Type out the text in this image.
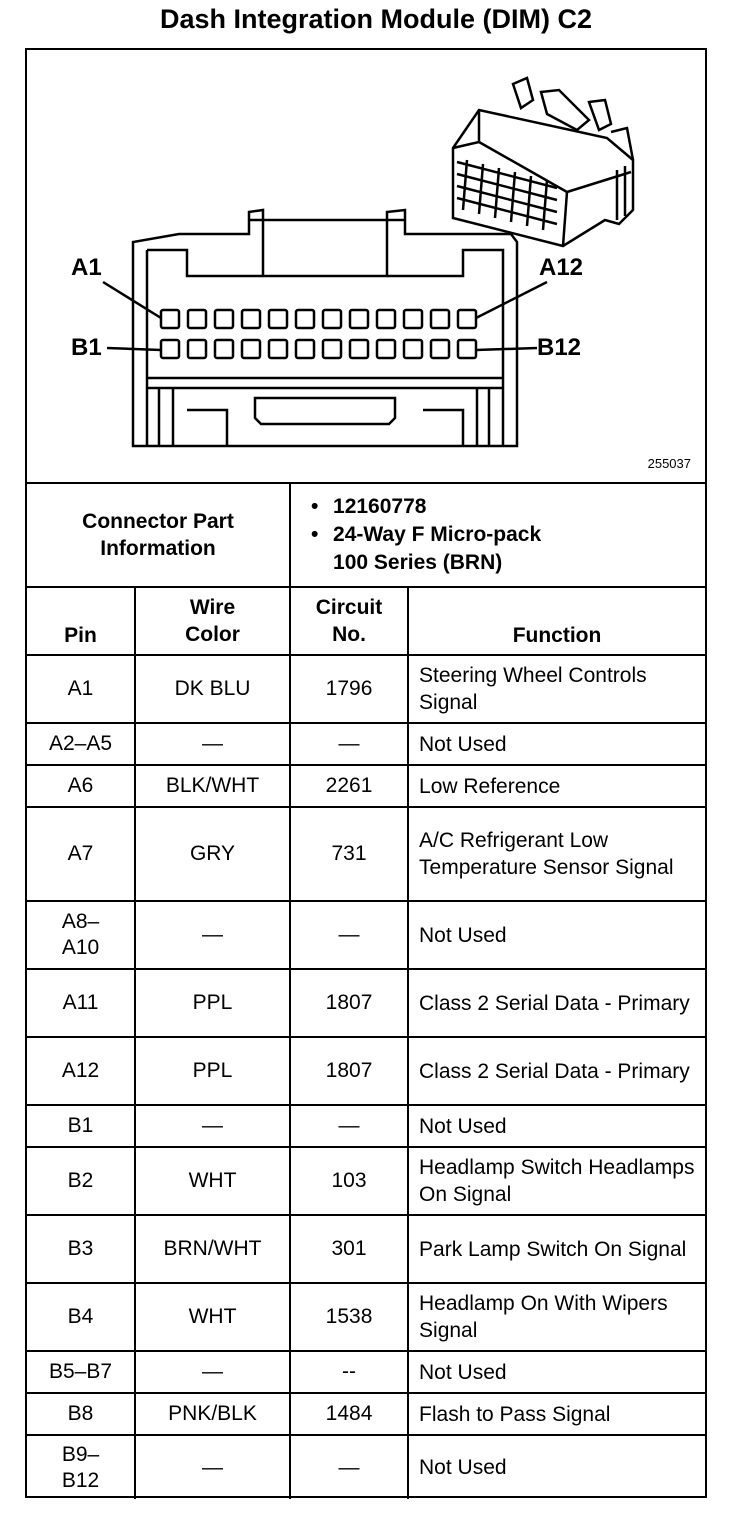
Dash Integration Module (DIM) C2
A1	A12
B1	B12
255037
Connector Part Information		• 12160778
• 24-Way F Micro-pack
100 Series (BRN)	

Pin	Wire Color	Circuit No.	Function
A1	DK BLU	1796	Steering Wheel Controls Signal
A2–A5	—	—	Not Used
A6	BLK/WHT	2261	Low Reference
A7	GRY	731	A/C Refrigerant Low Temperature Sensor Signal

A8–A10	—	—	Not Used
A11	PPL	1807	Class 2 Serial Data - Primary
A12	PPL	1807	Class 2 Serial Data - Primary
B1	—	—	Not Used
B2	WHT	103	Headlamp Switch Headlamps On Signal
B3	BRN/WHT	301	Park Lamp Switch On Signal
B4	WHT	1538	Headlamp On With Wipers Signal
B5–B7	—	--	Not Used
B8	PNK/BLK	1484	Flash to Pass Signal

B9–B12	—	—	Not Used
